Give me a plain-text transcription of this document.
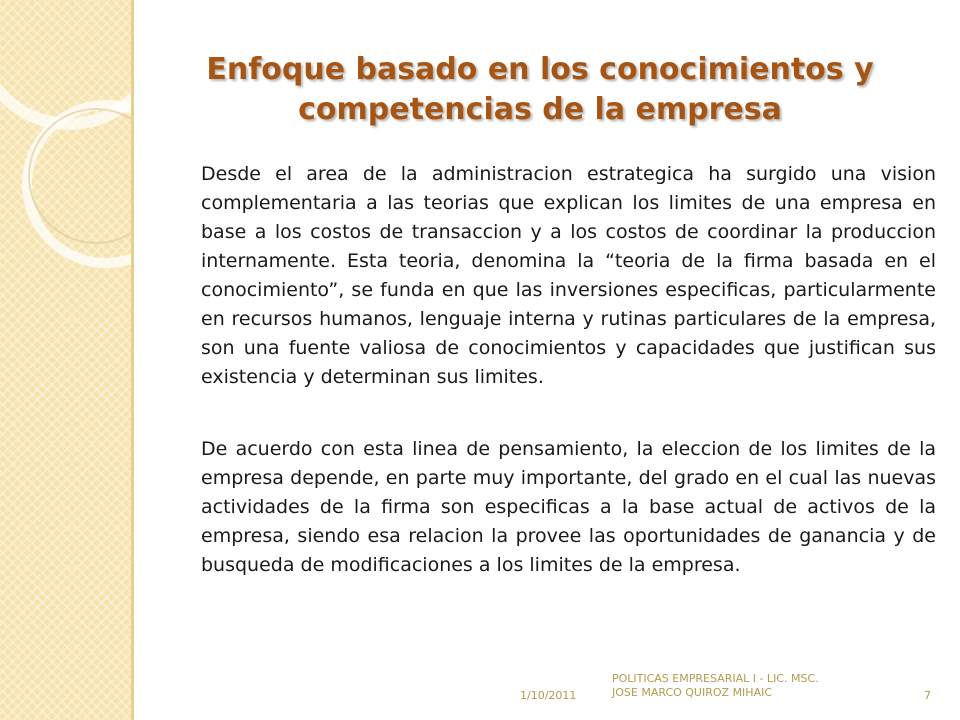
Enfoque basado en los conocimientos y
competencias de la empresa

Desde el area de la administracion estrategica ha surgido una vision complementaria a las teorias que explican los limites de una empresa en base a los costos de transaccion y a los costos de coordinar la produccion internamente. Esta teoria, denomina la “teoria de la firma basada en el conocimiento”, se funda en que las inversiones especificas, particularmente en recursos humanos, lenguaje interna y rutinas particulares de la empresa, son una fuente valiosa de conocimientos y capacidades que justifican sus existencia y determinan sus limites.

De acuerdo con esta linea de pensamiento, la eleccion de los limites de la empresa depende, en parte muy importante, del grado en el cual las nuevas actividades de la firma son especificas a la base actual de activos de la empresa, siendo esa relacion la provee las oportunidades de ganancia y de busqueda de modificaciones a los limites de la empresa.

1/10/2011
POLITICAS EMPRESARIAL I - LIC. MSC.
JOSE MARCO QUIROZ MIHAIC	7
